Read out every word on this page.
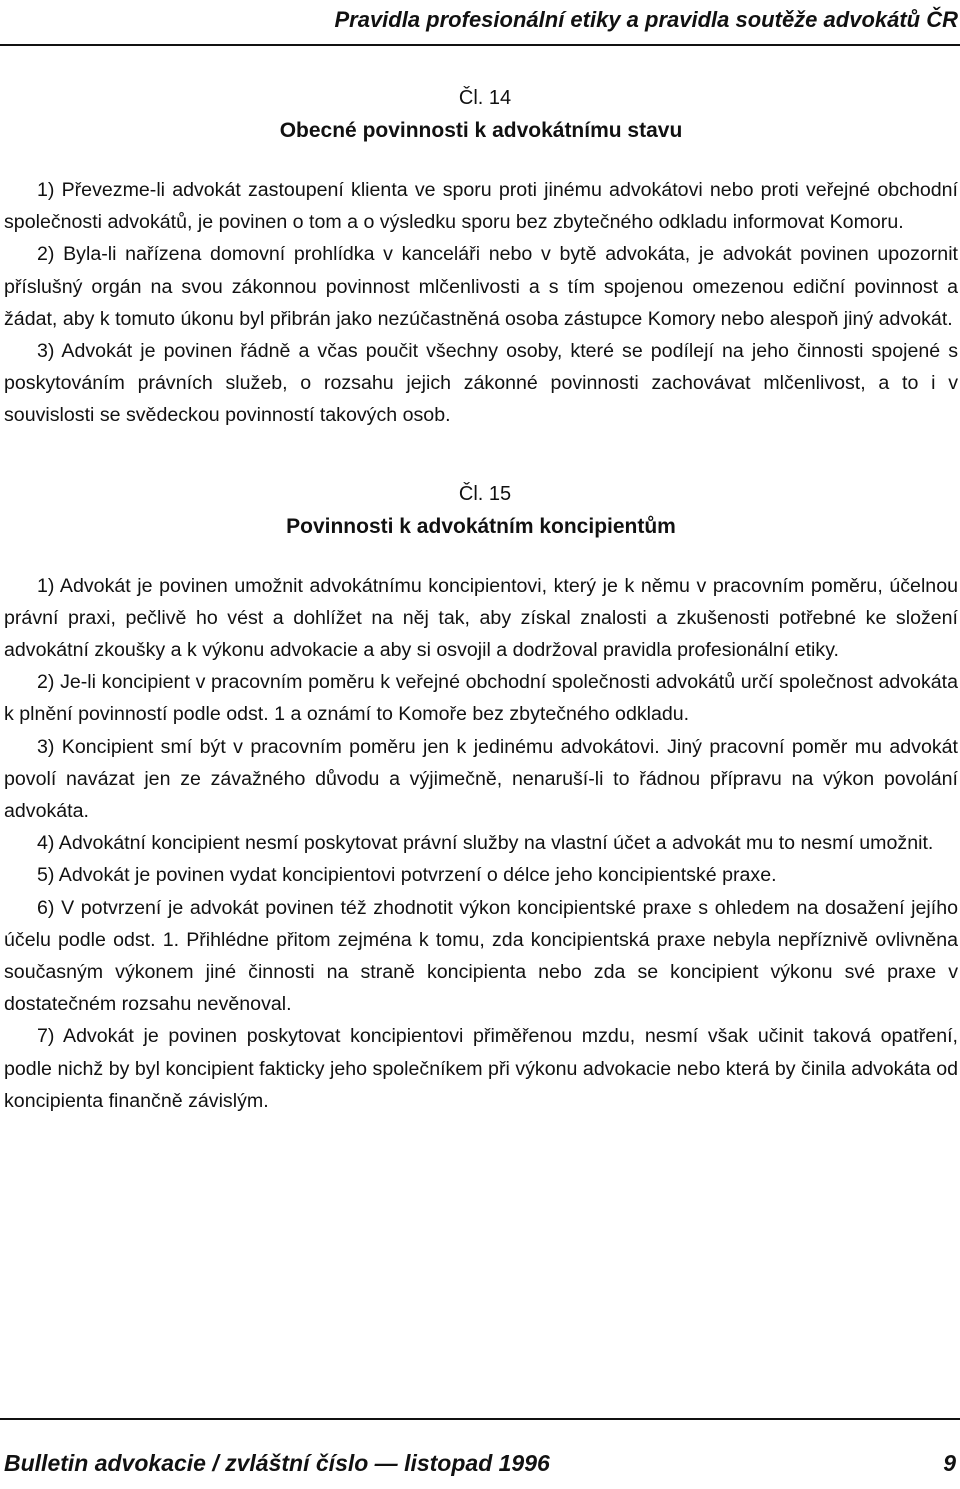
Pravidla profesionální etiky a pravidla soutěže advokátů ČR
Čl. 14
Obecné povinnosti k advokátnímu stavu

1) Převezme-li advokát zastoupení klienta ve sporu proti jinému advokátovi nebo proti veřejné obchodní společnosti advokátů, je povinen o tom a o výsledku sporu bez zbytečného odkladu informovat Komoru.

2) Byla-li nařízena domovní prohlídka v kanceláři nebo v bytě advokáta, je advokát povinen upozornit příslušný orgán na svou zákonnou povinnost mlčenlivosti a s tím spojenou omezenou ediční povinnost a žádat, aby k tomuto úkonu byl přibrán jako nezúčastněná osoba zástupce Komory nebo alespoň jiný advokát.

3) Advokát je povinen řádně a včas poučit všechny osoby, které se podílejí na jeho činnosti spojené s poskytováním právních služeb, o rozsahu jejich zákonné povinnosti zachovávat mlčenlivost, a to i v souvislosti se svědeckou povinností takových osob.

Čl. 15
Povinnosti k advokátním koncipientům

1) Advokát je povinen umožnit advokátnímu koncipientovi, který je k němu v pracovním poměru, účelnou právní praxi, pečlivě ho vést a dohlížet na něj tak, aby získal znalosti a zkušenosti potřebné ke složení advokátní zkoušky a k výkonu advokacie a aby si osvojil a dodržoval pravidla profesionální etiky.

2) Je-li koncipient v pracovním poměru k veřejné obchodní společnosti advokátů určí společnost advokáta k plnění povinností podle odst. 1 a oznámí to Komoře bez zbytečného odkladu.

3) Koncipient smí být v pracovním poměru jen k jedinému advokátovi. Jiný pracovní poměr mu advokát povolí navázat jen ze závažného důvodu a výjimečně, nenaruší-li to řádnou přípravu na výkon povolání advokáta.

4) Advokátní koncipient nesmí poskytovat právní služby na vlastní účet a advokát mu to nesmí umožnit.

5) Advokát je povinen vydat koncipientovi potvrzení o délce jeho koncipientské praxe.

6) V potvrzení je advokát povinen též zhodnotit výkon koncipientské praxe s ohledem na dosažení jejího účelu podle odst. 1. Přihlédne přitom zejména k tomu, zda koncipientská praxe nebyla nepříznivě ovlivněna současným výkonem jiné činnosti na straně koncipienta nebo zda se koncipient výkonu své praxe v dostatečném rozsahu nevěnoval.

7) Advokát je povinen poskytovat koncipientovi přiměřenou mzdu, nesmí však učinit taková opatření, podle nichž by byl koncipient fakticky jeho společníkem při výkonu advokacie nebo která by činila advokáta od koncipienta finančně závislým.

Bulletin advokacie / zvláštní číslo — listopad 1996	9
